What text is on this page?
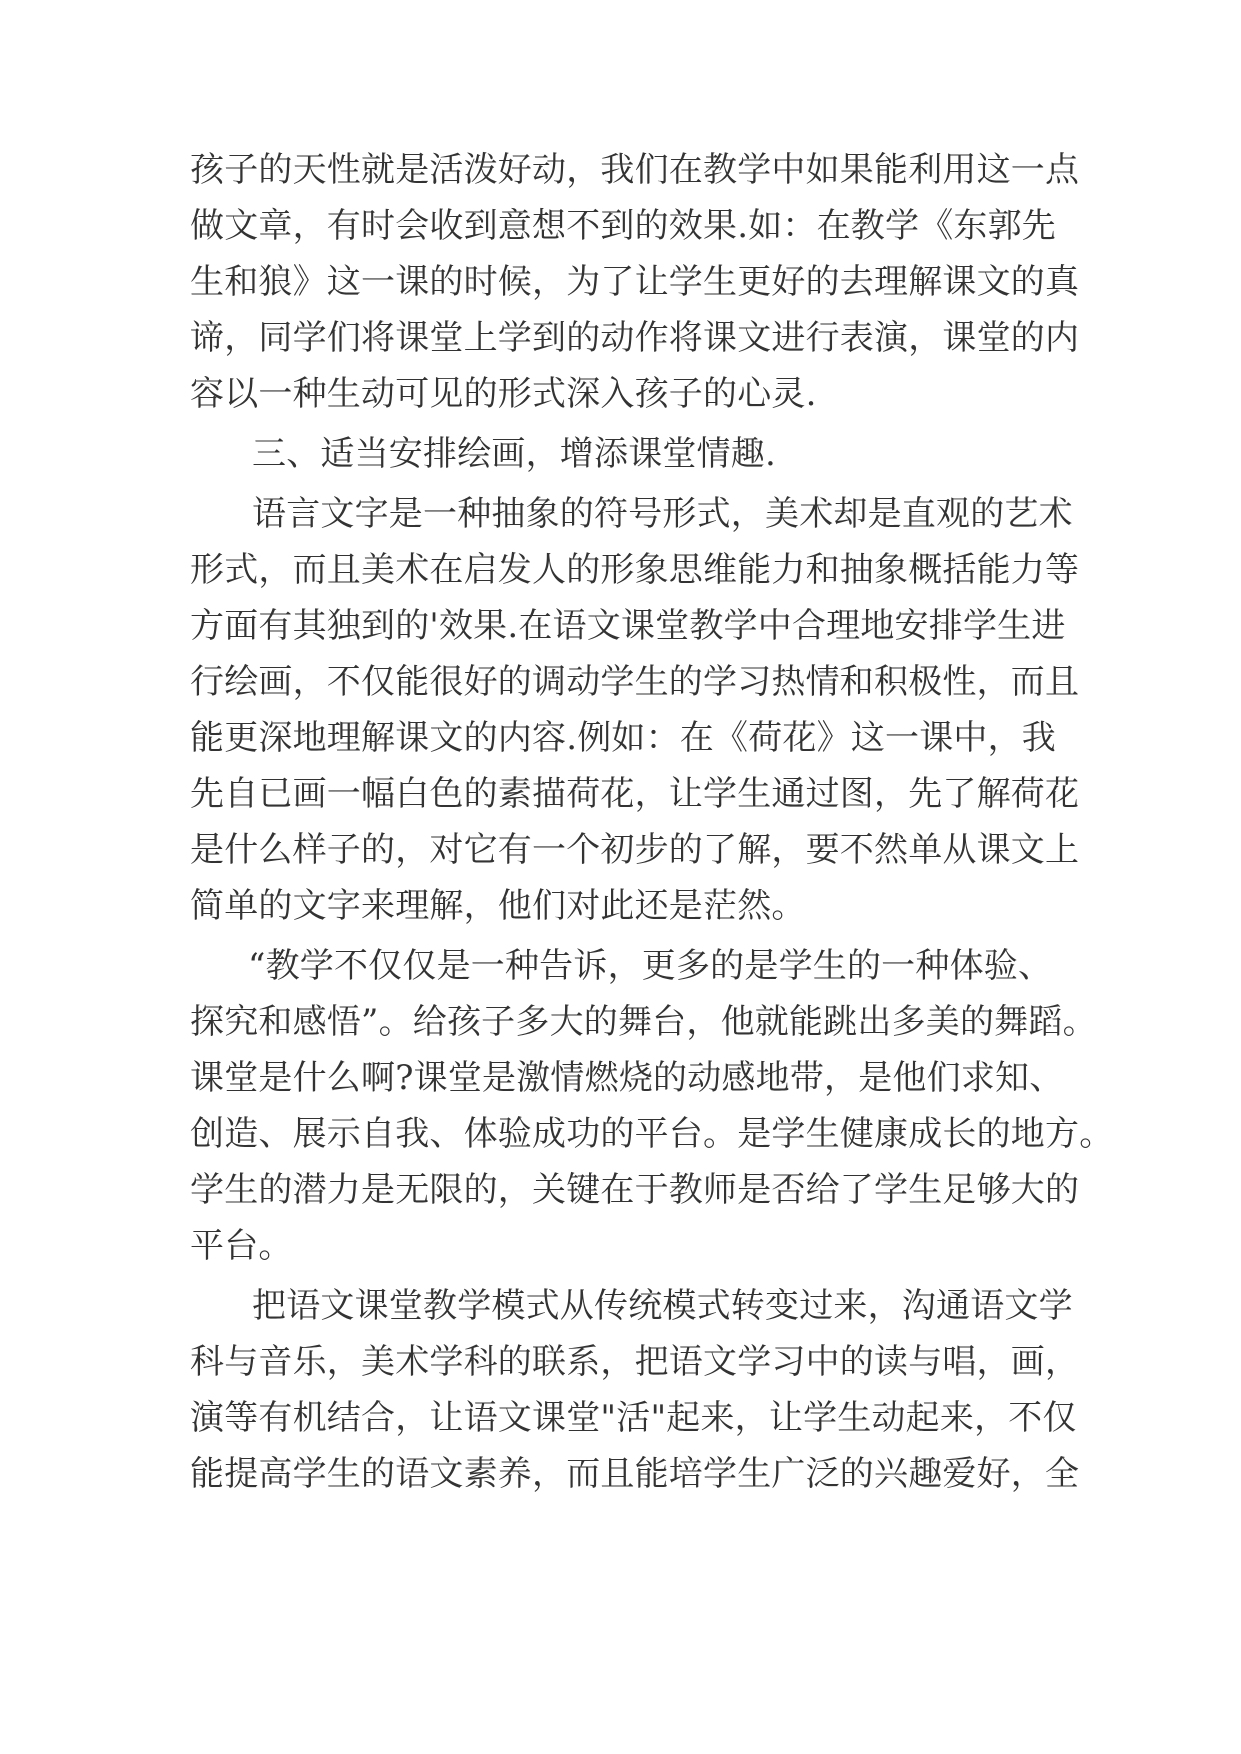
孩子的天性就是活泼好动，我们在教学中如果能利用这一点
做文章，有时会收到意想不到的效果.如：在教学《东郭先
生和狼》这一课的时候，为了让学生更好的去理解课文的真
谛，同学们将课堂上学到的动作将课文进行表演，课堂的内
容以一种生动可见的形式深入孩子的心灵.
三、适当安排绘画，增添课堂情趣.
语言文字是一种抽象的符号形式，美术却是直观的艺术
形式，而且美术在启发人的形象思维能力和抽象概括能力等
方面有其独到的'效果.在语文课堂教学中合理地安排学生进
行绘画，不仅能很好的调动学生的学习热情和积极性，而且
能更深地理解课文的内容.例如：在《荷花》这一课中，我
先自已画一幅白色的素描荷花，让学生通过图，先了解荷花
是什么样子的，对它有一个初步的了解，要不然单从课文上
简单的文字来理解，他们对此还是茫然。
“教学不仅仅是一种告诉，更多的是学生的一种体验、
探究和感悟”。给孩子多大的舞台，他就能跳出多美的舞蹈。
课堂是什么啊?课堂是激情燃烧的动感地带，是他们求知、
创造、展示自我、体验成功的平台。是学生健康成长的地方。
学生的潜力是无限的，关键在于教师是否给了学生足够大的
平台。
把语文课堂教学模式从传统模式转变过来，沟通语文学
科与音乐，美术学科的联系，把语文学习中的读与唱，画，
演等有机结合，让语文课堂"活"起来，让学生动起来，不仅
能提高学生的语文素养，而且能培学生广泛的兴趣爱好，全
